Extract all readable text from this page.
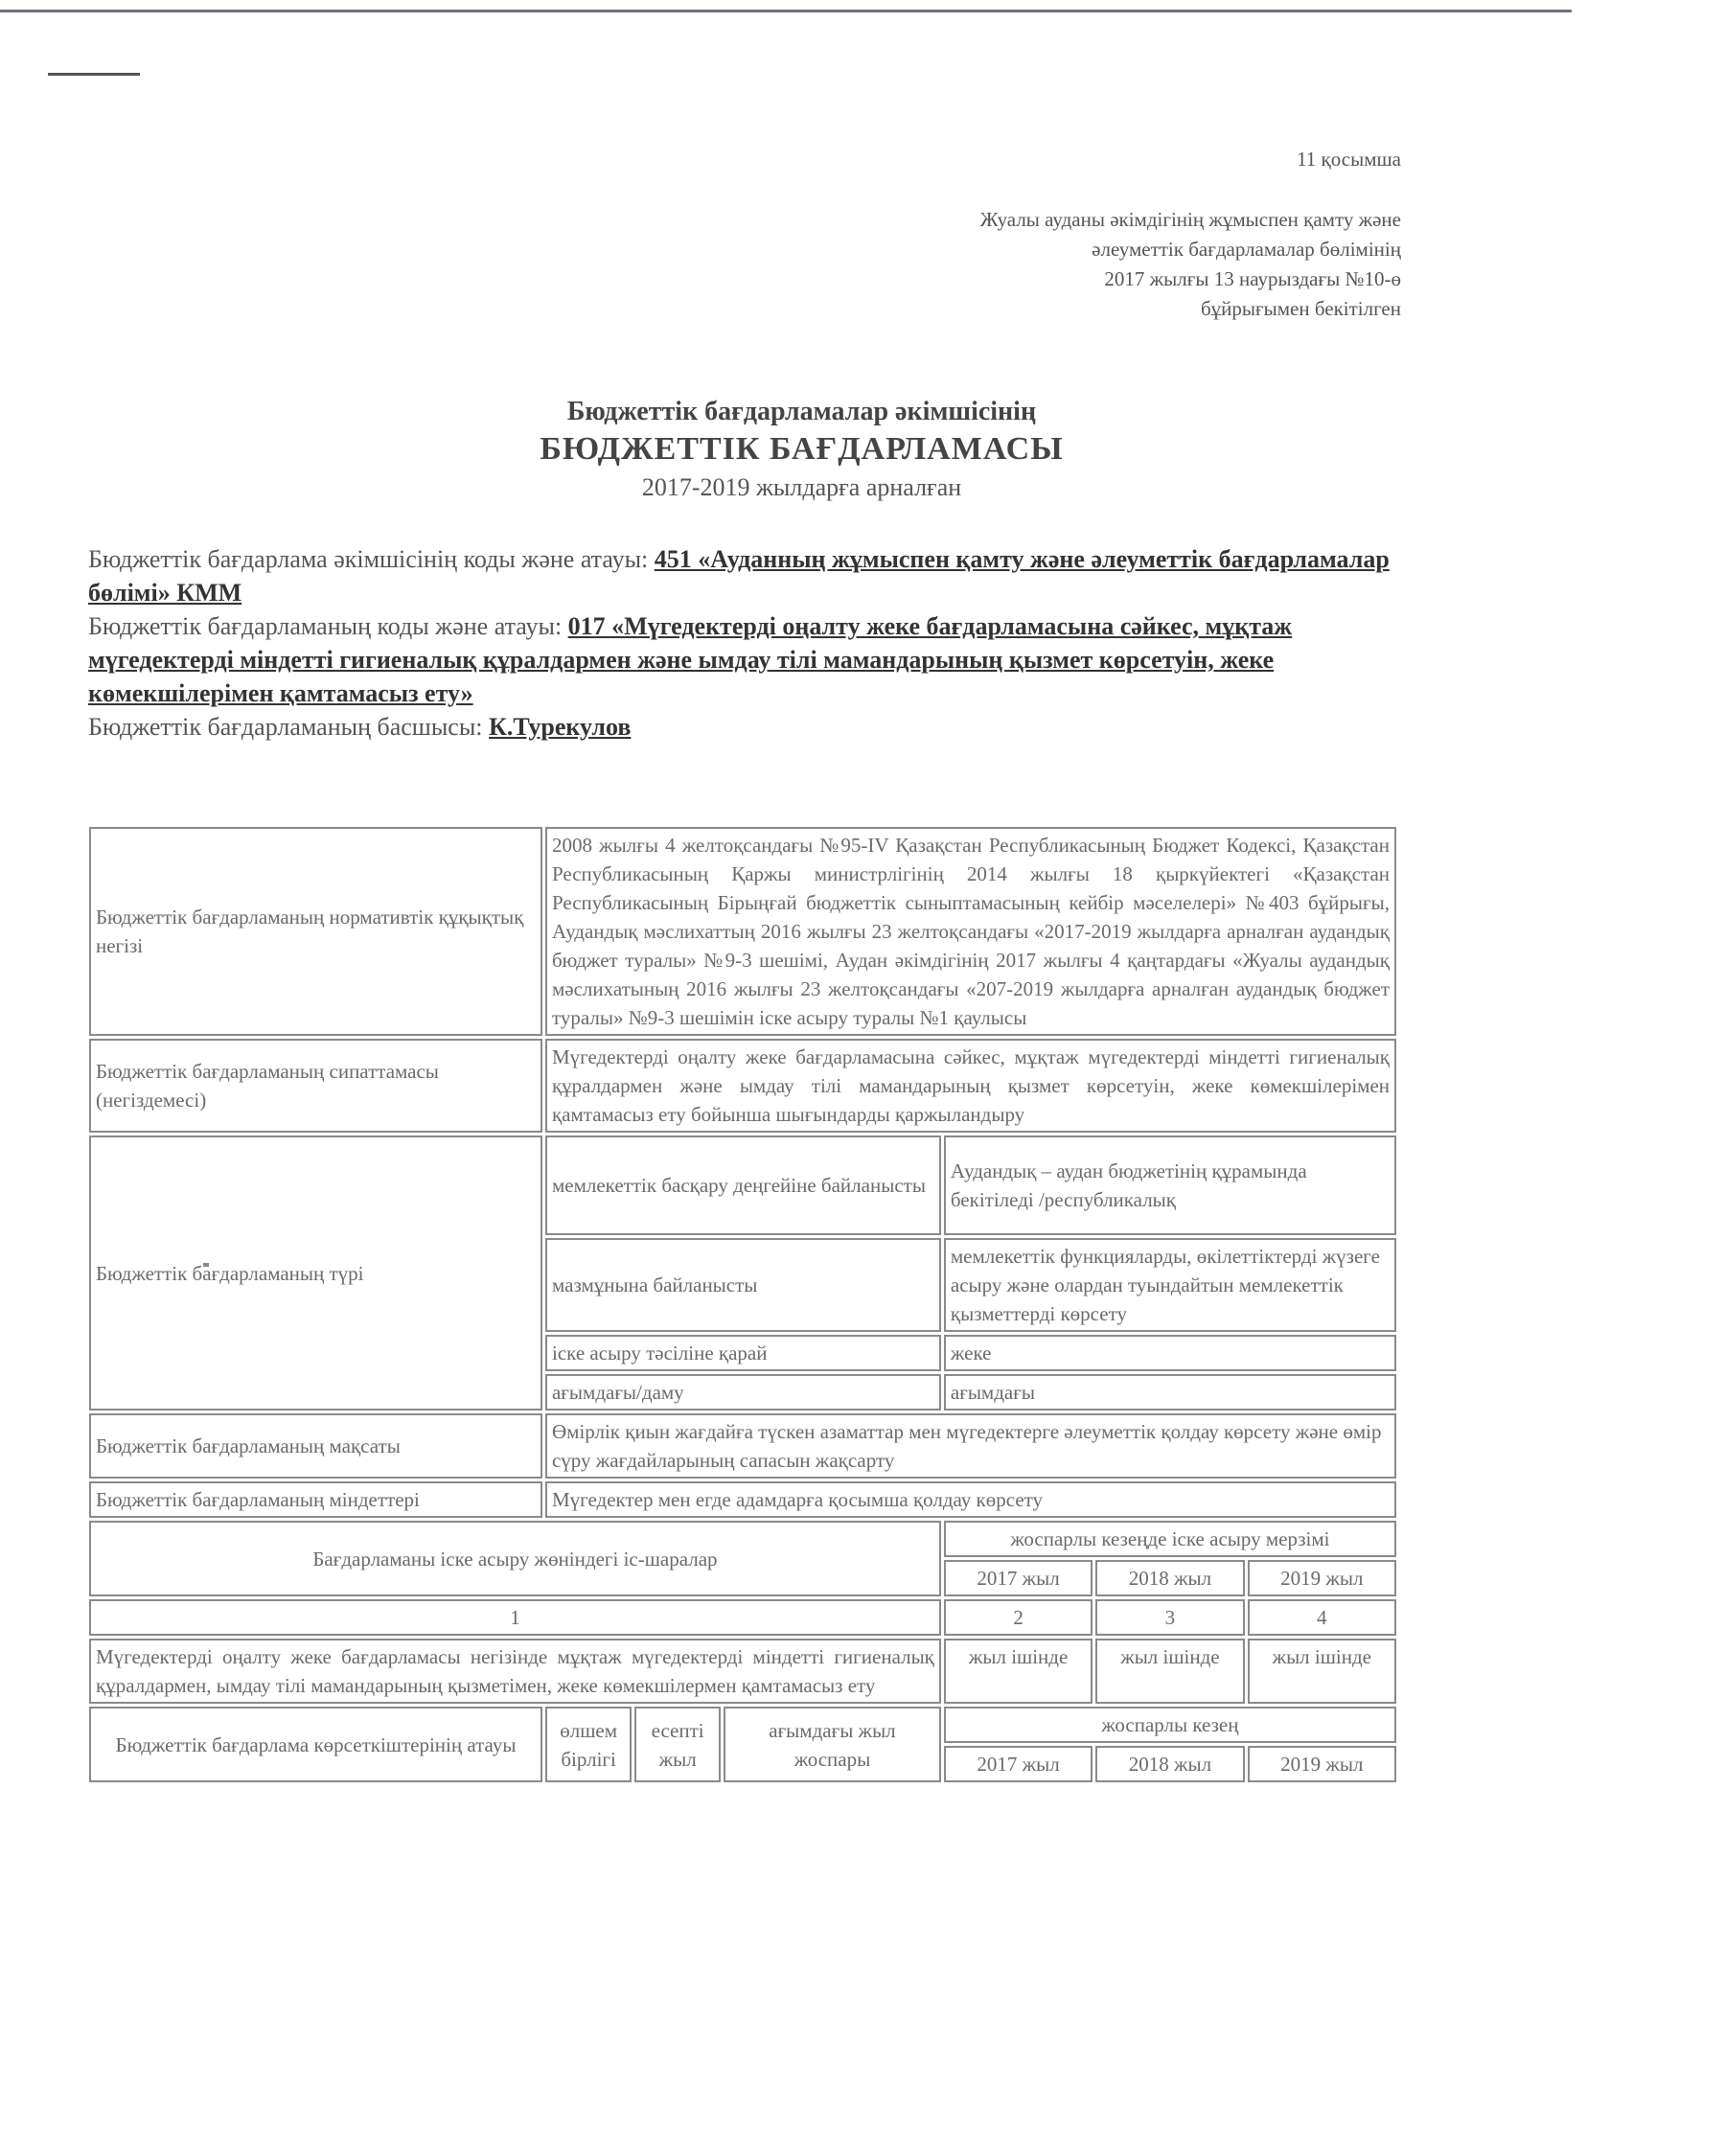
11 қосымша
Жуалы ауданы әкімдігінің жұмыспен қамту және
әлеуметтік бағдарламалар бөлімінің
2017 жылғы 13 наурыздағы №10-ө
бұйрығымен бекітілген
Бюджеттік бағдарламалар әкімшісінің
БЮДЖЕТТІК БАҒДАРЛАМАСЫ
2017-2019 жылдарға арналған
Бюджеттік бағдарлама әкімшісінің коды және атауы: 451 «Ауданның жұмыспен қамту және әлеуметтік бағдарламалар бөлімі» КММ
Бюджеттік бағдарламаның коды және атауы: 017 «Мүгедектерді оңалту жеке бағдарламасына сәйкес, мұқтаж мүгедектерді міндетті гигиеналық құралдармен және ымдау тілі мамандарының қызмет көрсетуін, жеке көмекшілерімен қамтамасыз ету»
Бюджеттік бағдарламаның басшысы: К.Турекулов
Бюджеттік бағдарламаның нормативтік құқықтық негізі	2008 жылғы 4 желтоқсандағы №95-IV Қазақстан Республикасының Бюджет Кодексі, Қазақстан Республикасының Қаржы министрлігінің 2014 жылғы 18 қыркүйектегі «Қазақстан Республикасының Бірыңғай бюджеттік сыныптамасының кейбір мәселелері» №403 бұйрығы, Аудандық мәслихаттың 2016 жылғы 23 желтоқсандағы «2017-2019 жылдарға арналған аудандық бюджет туралы» №9-3 шешімі, Аудан әкімдігінің 2017 жылғы 4 қаңтардағы «Жуалы аудандық мәслихатының 2016 жылғы 23 желтоқсандағы «207-2019 жылдарға арналған аудандық бюджет туралы» №9-3 шешімін іске асыру туралы №1 қаулысы					
Бюджеттік бағдарламаның сипаттамасы (негіздемесі)	Мүгедектерді оңалту жеке бағдарламасына сәйкес, мұқтаж мүгедектерді міндетті гигиеналық құралдармен және ымдау тілі мамандарының қызмет көрсетуін, жеке көмекшілерімен қамтамасыз ету бойынша шығындарды қаржыландыру					
Бюджеттік бағдарламаның түрі	мемлекеттік басқару деңгейіне байланысты			Аудандық – аудан бюджетінің құрамында бекітіледі /республикалық		
	мазмұнына байланысты			мемлекеттік функцияларды, өкілеттіктерді жүзеге асыру және олардан туындайтын мемлекеттік қызметтерді көрсету		
	іске асыру тәсіліне қарай			жеке		
	ағымдағы/даму			ағымдағы		
Бюджеттік бағдарламаның мақсаты	Өмірлік қиын жағдайға түскен азаматтар мен мүгедектерге әлеуметтік қолдау көрсету және өмір сүру жағдайларының сапасын жақсарту					
Бюджеттік бағдарламаның міндеттері	Мүгедектер мен егде адамдарға қосымша қолдау көрсету					
Бағдарламаны іске асыру жөніндегі іс-шаралар				жоспарлы кезеңде іске асыру мерзімі		
				2017 жыл	2018 жыл	2019 жыл
1				2	3	4
Мүгедектерді оңалту жеке бағдарламасы негізінде мұқтаж мүгедектерді міндетті гигиеналық құралдармен, ымдау тілі мамандарының қызметімен, жеке көмекшілермен қамтамасыз ету				жыл ішінде	жыл ішінде	жыл ішінде
Бюджеттік бағдарлама көрсеткіштерінің атауы	өлшем бірлігі	есепті жыл	ағымдағы жыл жоспары	жоспарлы кезең		
				2017 жыл	2018 жыл	2019 жыл
